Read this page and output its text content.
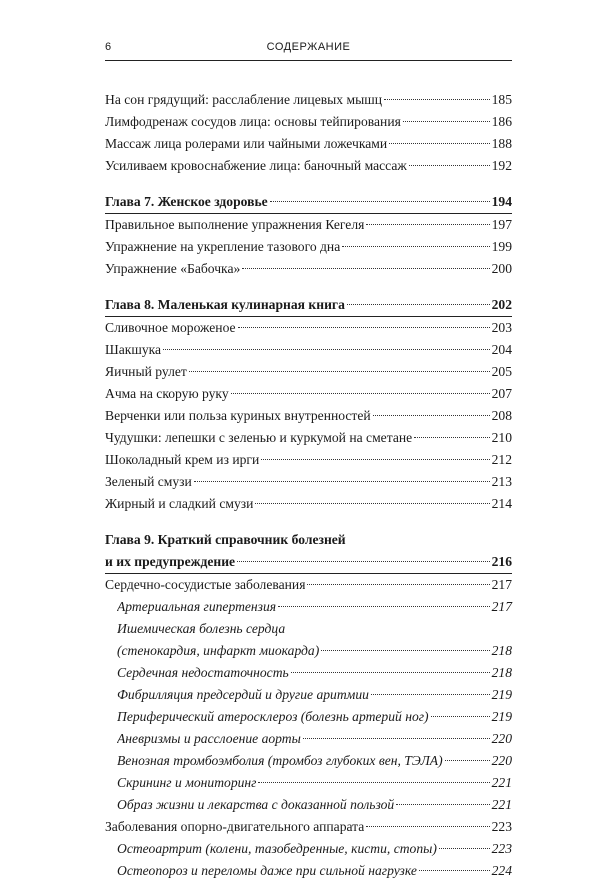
6	СОДЕРЖАНИЕ
На сон грядущий: расслабление лицевых мышц	185
Лимфодренаж сосудов лица: основы тейпирования	186
Массаж лица ролерами или чайными ложечками	188
Усиливаем кровоснабжение лица: баночный массаж	192
Глава 7. Женское здоровье	194
Правильное выполнение упражнения Кегеля	197
Упражнение на укрепление тазового дна	199
Упражнение «Бабочка»	200
Глава 8. Маленькая кулинарная книга	202
Сливочное мороженое	203
Шакшука	204
Яичный рулет	205
Ачма на скорую руку	207
Верченки или польза куриных внутренностей	208
Чудушки: лепешки с зеленью и куркумой на сметане	210
Шоколадный крем из ирги	212
Зеленый смузи	213
Жирный и сладкий смузи	214
Глава 9. Краткий справочник болезней
и их предупреждение	216
Сердечно-сосудистые заболевания	217
Артериальная гипертензия	217
Ишемическая болезнь сердца
(стенокардия, инфаркт миокарда)	218
Сердечная недостаточность	218
Фибрилляция предсердий и другие аритмии	219
Периферический атеросклероз (болезнь артерий ног)	219
Аневризмы и расслоение аорты	220
Венозная тромбоэмболия (тромбоз глубоких вен, ТЭЛА)	220
Скрининг и мониторинг	221
Образ жизни и лекарства с доказанной пользой	221
Заболевания опорно-двигательного аппарата	223
Остеоартрит (колени, тазобедренные, кисти, стопы)	223
Остеопороз и переломы даже при сильной нагрузке	224
